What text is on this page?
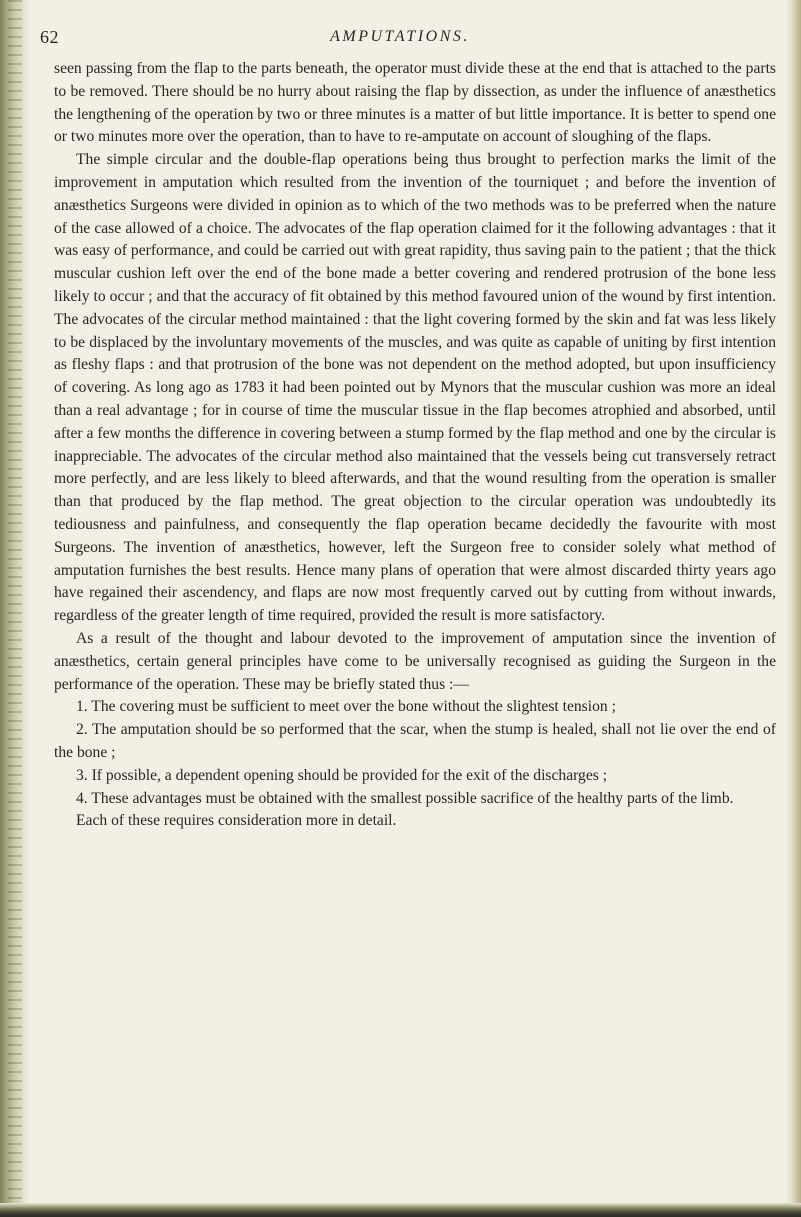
62	AMPUTATIONS.

seen passing from the flap to the parts beneath, the operator must divide these at the end that is attached to the parts to be removed. There should be no hurry about raising the flap by dissection, as under the influence of anæsthetics the lengthening of the operation by two or three minutes is a matter of but little importance. It is better to spend one or two minutes more over the operation, than to have to re-amputate on account of sloughing of the flaps.

The simple circular and the double-flap operations being thus brought to perfection marks the limit of the improvement in amputation which resulted from the invention of the tourniquet ; and before the invention of anæsthetics Surgeons were divided in opinion as to which of the two methods was to be preferred when the nature of the case allowed of a choice. The advocates of the flap operation claimed for it the following advantages : that it was easy of performance, and could be carried out with great rapidity, thus saving pain to the patient ; that the thick muscular cushion left over the end of the bone made a better covering and rendered protrusion of the bone less likely to occur ; and that the accuracy of fit obtained by this method favoured union of the wound by first intention. The advocates of the circular method maintained : that the light covering formed by the skin and fat was less likely to be displaced by the involuntary movements of the muscles, and was quite as capable of uniting by first intention as fleshy flaps : and that protrusion of the bone was not dependent on the method adopted, but upon insufficiency of covering. As long ago as 1783 it had been pointed out by Mynors that the muscular cushion was more an ideal than a real advantage ; for in course of time the muscular tissue in the flap becomes atrophied and absorbed, until after a few months the difference in covering between a stump formed by the flap method and one by the circular is inappreciable. The advocates of the circular method also maintained that the vessels being cut transversely retract more perfectly, and are less likely to bleed afterwards, and that the wound resulting from the operation is smaller than that produced by the flap method. The great objection to the circular operation was undoubtedly its tediousness and painfulness, and consequently the flap operation became decidedly the favourite with most Surgeons. The invention of anæsthetics, however, left the Surgeon free to consider solely what method of amputation furnishes the best results. Hence many plans of operation that were almost discarded thirty years ago have regained their ascendency, and flaps are now most frequently carved out by cutting from without inwards, regardless of the greater length of time required, provided the result is more satisfactory.

As a result of the thought and labour devoted to the improvement of amputation since the invention of anæsthetics, certain general principles have come to be universally recognised as guiding the Surgeon in the performance of the operation. These may be briefly stated thus :—

1. The covering must be sufficient to meet over the bone without the slightest tension ;

2. The amputation should be so performed that the scar, when the stump is healed, shall not lie over the end of the bone ;

3. If possible, a dependent opening should be provided for the exit of the discharges ;

4. These advantages must be obtained with the smallest possible sacrifice of the healthy parts of the limb.

Each of these requires consideration more in detail.
